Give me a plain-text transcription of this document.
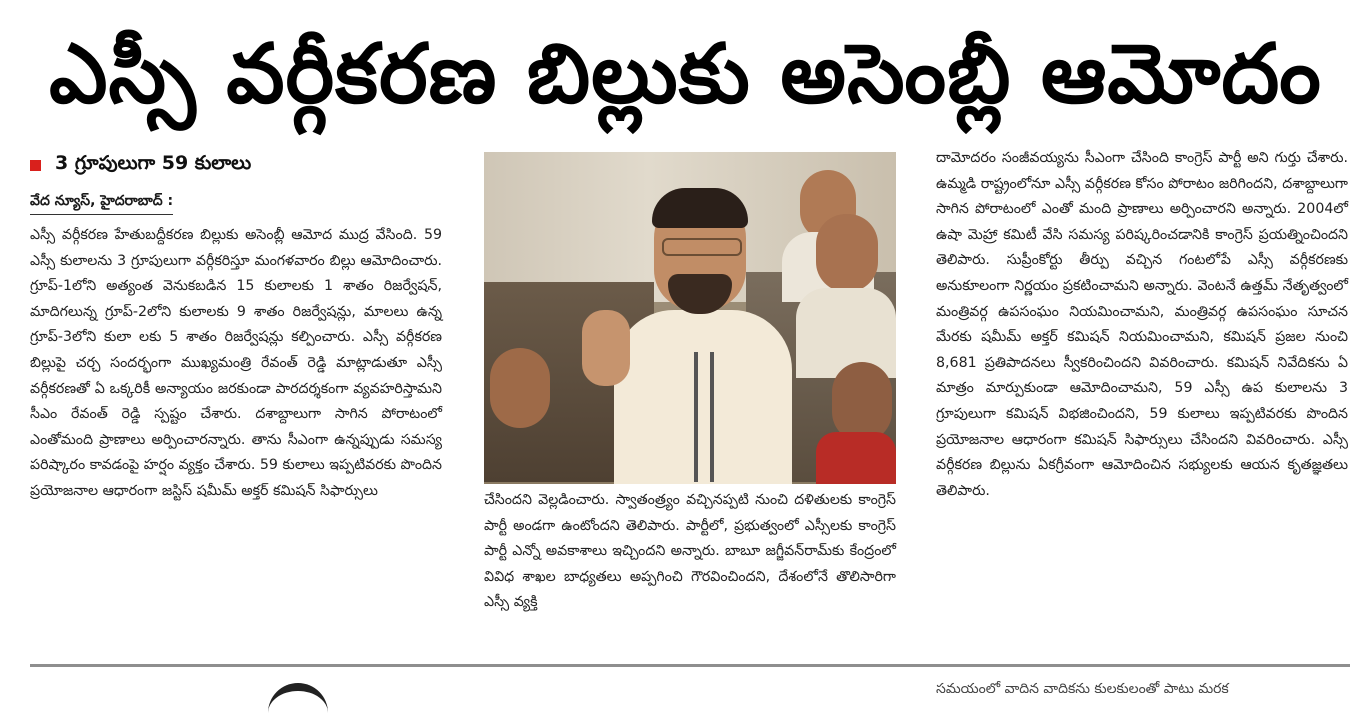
ఎస్సీ వర్గీకరణ బిల్లుకు అసెంబ్లీ ఆమోదం
3 గ్రూపులుగా 59 కులాలు
వేద న్యూస్, హైదరాబాద్ :

ఎస్సీ వర్గీకరణ హేతుబద్దీకరణ బిల్లుకు అసెంబ్లీ ఆమోద ముద్ర వేసింది. 59 ఎస్సీ కులాలను 3 గ్రూపులుగా వర్గీకరిస్తూ మంగళవారం బిల్లు ఆమోదించారు. గ్రూప్-1లోని అత్యంత వెనుకబడిన 15 కులాలకు 1 శాతం రిజర్వేషన్, మాదిగలున్న గ్రూప్-2లోని కులాలకు 9 శాతం రిజర్వేషన్లు, మాలలు ఉన్న గ్రూప్-3లోని కులా లకు 5 శాతం రిజర్వేషన్లు కల్పించారు. ఎస్సీ వర్గీకరణ బిల్లుపై చర్చ సందర్భంగా ముఖ్యమంత్రి రేవంత్ రెడ్డి మాట్లాడుతూ ఎస్సీ వర్గీకరణతో ఏ ఒక్కరికీ అన్యాయం జరకుండా పారదర్శకంగా వ్యవహరిస్తామని సీఎం రేవంత్ రెడ్డి స్పష్టం చేశారు. దశాబ్దాలుగా సాగిన పోరాటంలో ఎంతోమంది ప్రాణాలు అర్పించారన్నారు. తాను సీఎంగా ఉన్నప్పుడు సమస్య పరిష్కారం కావడంపై హర్షం వ్యక్తం చేశారు. 59 కులాలు ఇప్పటివరకు పొందిన ప్రయోజనాల ఆధారంగా జస్టిస్ షమీమ్ అక్తర్ కమిషన్ సిఫార్సులు

చేసిందని వెల్లడించారు. స్వాతంత్ర్యం వచ్చినప్పటి నుంచి దళితులకు కాంగ్రెస్ పార్టీ అండగా ఉంటోందని తెలిపారు. పార్టీలో, ప్రభుత్వంలో ఎస్సీలకు కాంగ్రెస్ పార్టీ ఎన్నో అవకాశాలు ఇచ్చిందని అన్నారు. బాబూ జగ్జీవన్‌రామ్‌కు కేంద్రంలో వివిధ శాఖల బాధ్యతలు అప్పగించి గౌరవించిందని, దేశంలోనే తొలిసారిగా ఎస్సీ వ్యక్తి

దామోదరం సంజీవయ్యను సీఎంగా చేసింది కాంగ్రెస్ పార్టీ అని గుర్తు చేశారు. ఉమ్మడి రాష్ట్రంలోనూ ఎస్సీ వర్గీకరణ కోసం పోరాటం జరిగిందని, దశాబ్దాలుగా సాగిన పోరాటంలో ఎంతో మంది ప్రాణాలు అర్పించారని అన్నారు. 2004లో ఉషా మెహ్రా కమిటీ వేసి సమస్య పరిష్కరించడానికి కాంగ్రెస్ ప్రయత్నించిందని తెలిపారు. సుప్రీంకోర్టు తీర్పు వచ్చిన గంటలోపే ఎస్సీ వర్గీకరణకు అనుకూలంగా నిర్ణయం ప్రకటించామని అన్నారు. వెంటనే ఉత్తమ్ నేతృత్వంలో మంత్రివర్గ ఉపసంఘం నియమించామని, మంత్రివర్గ ఉపసంఘం సూచన మేరకు షమీమ్ అక్తర్ కమిషన్ నియమించామని, కమిషన్ ప్రజల నుంచి 8,681 ప్రతిపాదనలు స్వీకరించిందని వివరించారు. కమిషన్ నివేదికను ఏ మాత్రం మార్పుకుండా ఆమోదించామని, 59 ఎస్సీ ఉప కులాలను 3 గ్రూపులుగా కమిషన్ విభజించిందని, 59 కులాలు ఇప్పటివరకు పొందిన ప్రయోజనాల ఆధారంగా కమిషన్ సిఫార్సులు చేసిందని వివరించారు. ఎస్సీ వర్గీకరణ బిల్లును ఏకగ్రీవంగా ఆమోదించిన సభ్యులకు ఆయన కృతజ్ఞతలు తెలిపారు.

సమయంలో వాదిన వాదికను కులకులంతో పాటు మరక
